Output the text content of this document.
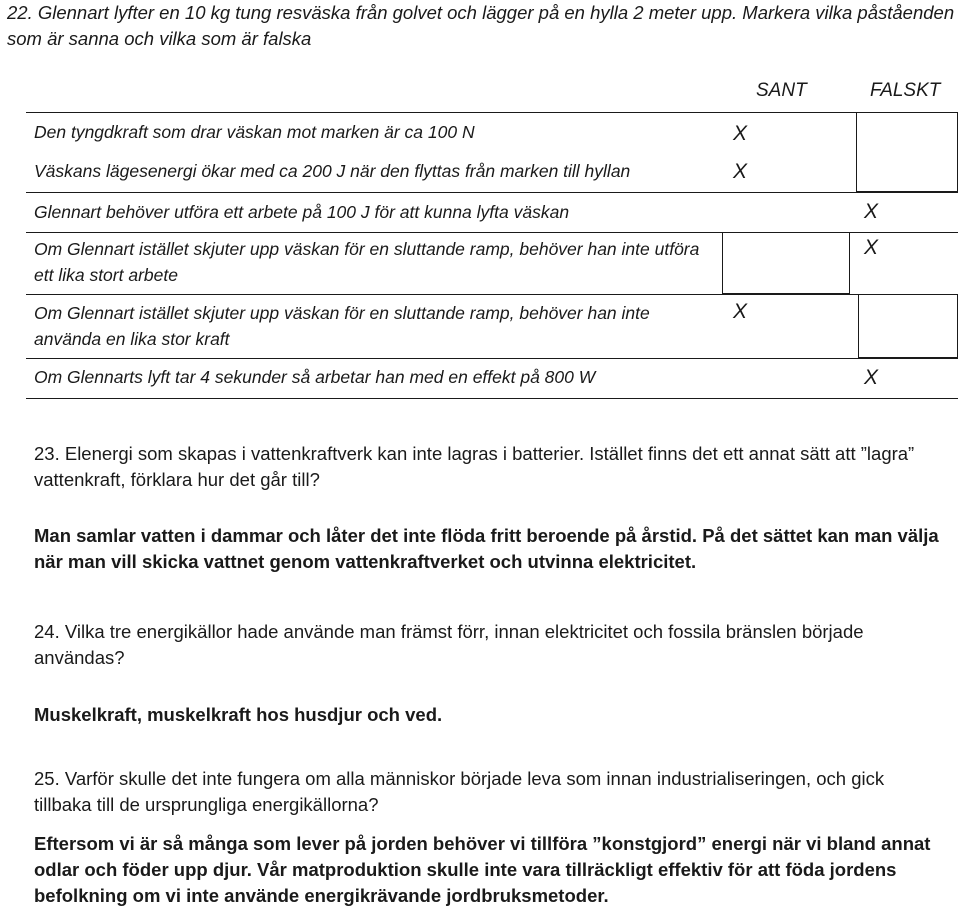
22. Glennart lyfter en 10 kg tung resväska från golvet och lägger på en hylla 2 meter upp. Markera vilka påståenden som är sanna och vilka som är falska
SANT	FALSKT
Den tyngdkraft som drar väskan mot marken är ca 100 N
Väskans lägesenergi ökar med ca 200 J när den flyttas från marken till hyllan
Glennart behöver utföra ett arbete på 100 J för att kunna lyfta väskan
Om Glennart istället skjuter upp väskan för en sluttande ramp, behöver han inte utföra ett lika stort arbete
Om Glennart istället skjuter upp väskan för en sluttande ramp, behöver han inte använda en lika stor kraft
Om Glennarts lyft tar 4 sekunder så arbetar han med en effekt på 800 W
X
X
X
X
X
X
23. Elenergi som skapas i vattenkraftverk kan inte lagras i batterier. Istället finns det ett annat sätt att ”lagra” vattenkraft, förklara hur det går till?
Man samlar vatten i dammar och låter det inte flöda fritt beroende på årstid. På det sättet kan man välja när man vill skicka vattnet genom vattenkraftverket och utvinna elektricitet.
24. Vilka tre energikällor hade använde man främst förr, innan elektricitet och fossila bränslen började användas?
Muskelkraft, muskelkraft hos husdjur och ved.
25. Varför skulle det inte fungera om alla människor började leva som innan industrialiseringen, och gick tillbaka till de ursprungliga energikällorna?
Eftersom vi är så många som lever på jorden behöver vi tillföra ”konstgjord” energi när vi bland annat odlar och föder upp djur. Vår matproduktion skulle inte vara tillräckligt effektiv för att föda jordens befolkning om vi inte använde energikrävande jordbruksmetoder.
